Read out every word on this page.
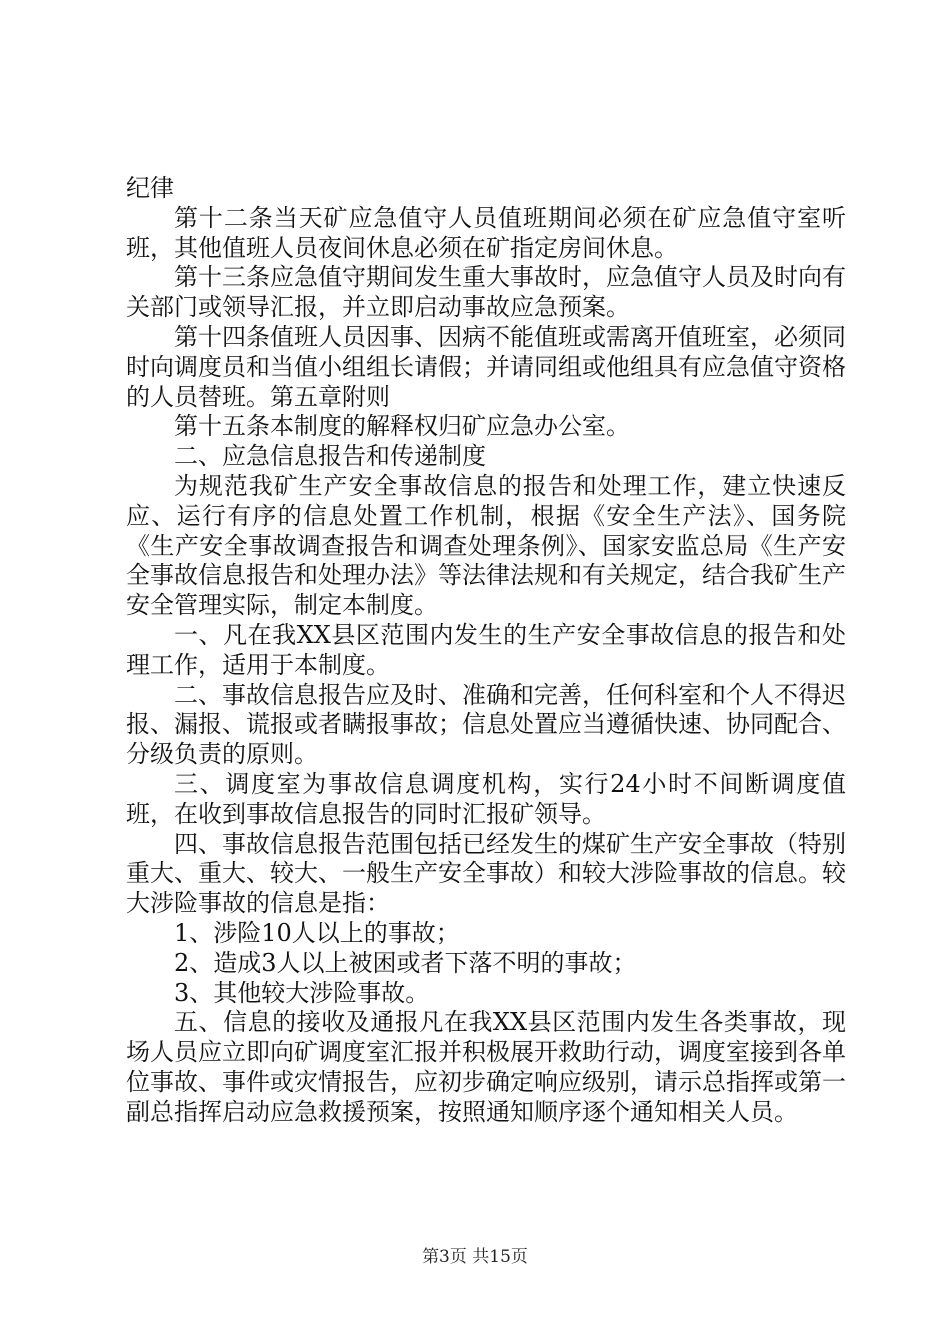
纪律

第十二条当天矿应急值守人员值班期间必须在矿应急值守室听班，其他值班人员夜间休息必须在矿指定房间休息。

第十三条应急值守期间发生重大事故时，应急值守人员及时向有关部门或领导汇报，并立即启动事故应急预案。

第十四条值班人员因事、因病不能值班或需离开值班室，必须同时向调度员和当值小组组长请假；并请同组或他组具有应急值守资格的人员替班。第五章附则

第十五条本制度的解释权归矿应急办公室。

二、应急信息报告和传递制度

为规范我矿生产安全事故信息的报告和处理工作，建立快速反应、运行有序的信息处置工作机制，根据《安全生产法》、国务院《生产安全事故调查报告和调查处理条例》、国家安监总局《生产安全事故信息报告和处理办法》等法律法规和有关规定，结合我矿生产安全管理实际，制定本制度。

一、凡在我XX县区范围内发生的生产安全事故信息的报告和处理工作，适用于本制度。

二、事故信息报告应及时、准确和完善，任何科室和个人不得迟报、漏报、谎报或者瞒报事故；信息处置应当遵循快速、协同配合、分级负责的原则。

三、调度室为事故信息调度机构，实行24小时不间断调度值班，在收到事故信息报告的同时汇报矿领导。

四、事故信息报告范围包括已经发生的煤矿生产安全事故（特别重大、重大、较大、一般生产安全事故）和较大涉险事故的信息。较大涉险事故的信息是指：

1、涉险10人以上的事故；

2、造成3人以上被困或者下落不明的事故；

3、其他较大涉险事故。

五、信息的接收及通报凡在我XX县区范围内发生各类事故，现场人员应立即向矿调度室汇报并积极展开救助行动，调度室接到各单位事故、事件或灾情报告，应初步确定响应级别，请示总指挥或第一副总指挥启动应急救援预案，按照通知顺序逐个通知相关人员。

第3页 共15页
